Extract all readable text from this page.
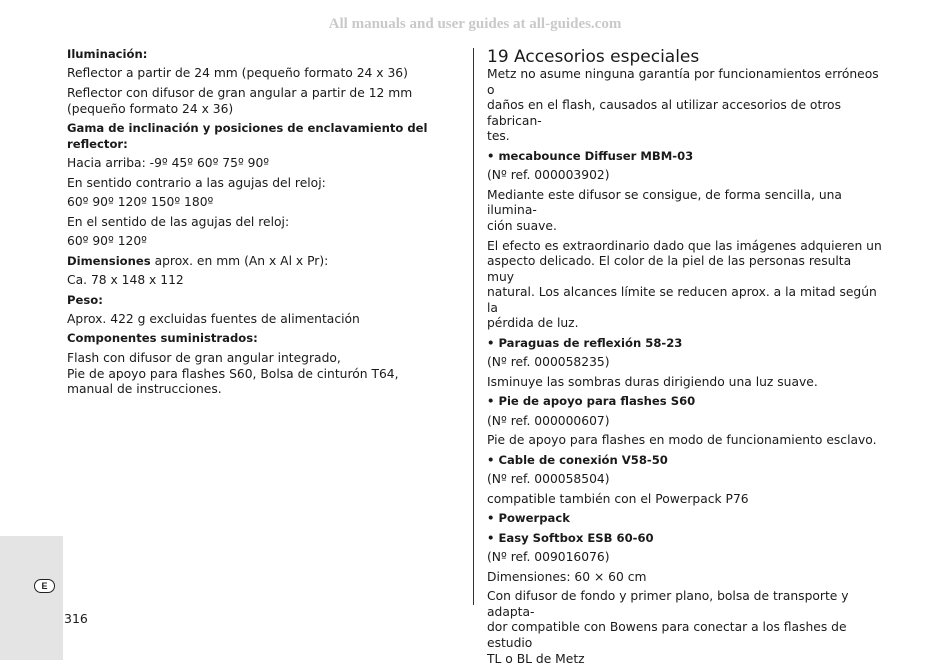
All manuals and user guides at all-guides.com

Iluminación:

Reflector a partir de 24 mm (pequeño formato 24 x 36)

Reflector con difusor de gran angular a partir de 12 mm
(pequeño formato 24 x 36)

Gama de inclinación y posiciones de enclavamiento del reflector:

Hacia arriba: -9º 45º 60º 75º 90º

En sentido contrario a las agujas del reloj:

60º 90º 120º 150º 180º

En el sentido de las agujas del reloj:

60º 90º 120º

Dimensiones aprox. en mm (An x Al x Pr):

Ca. 78 x 148 x 112

Peso:

Aprox. 422 g excluidas fuentes de alimentación

Componentes suministrados:

Flash con difusor de gran angular integrado,
Pie de apoyo para flashes S60, Bolsa de cinturón T64,
manual de instrucciones.

19 Accesorios especiales

Metz no asume ninguna garantía por funcionamientos erróneos o
daños en el flash, causados al utilizar accesorios de otros fabrican-
tes.

• mecabounce Diffuser MBM-03

(Nº ref. 000003902)

Mediante este difusor se consigue, de forma sencilla, una ilumina-
ción suave.

El efecto es extraordinario dado que las imágenes adquieren un
aspecto delicado. El color de la piel de las personas resulta muy
natural. Los alcances límite se reducen aprox. a la mitad según la
pérdida de luz.

• Paraguas de reflexión 58-23

(Nº ref. 000058235)

Isminuye las sombras duras dirigiendo una luz suave.

• Pie de apoyo para flashes S60

(Nº ref. 000000607)

Pie de apoyo para flashes en modo de funcionamiento esclavo.

• Cable de conexión V58-50

(Nº ref. 000058504)

compatible también con el Powerpack P76

• Powerpack

• Easy Softbox ESB 60-60

(Nº ref. 009016076)

Dimensiones: 60 × 60 cm

Con difusor de fondo y primer plano, bolsa de transporte y adapta-
dor compatible con Bowens para conectar a los flashes de estudio
TL o BL de Metz

E
316
